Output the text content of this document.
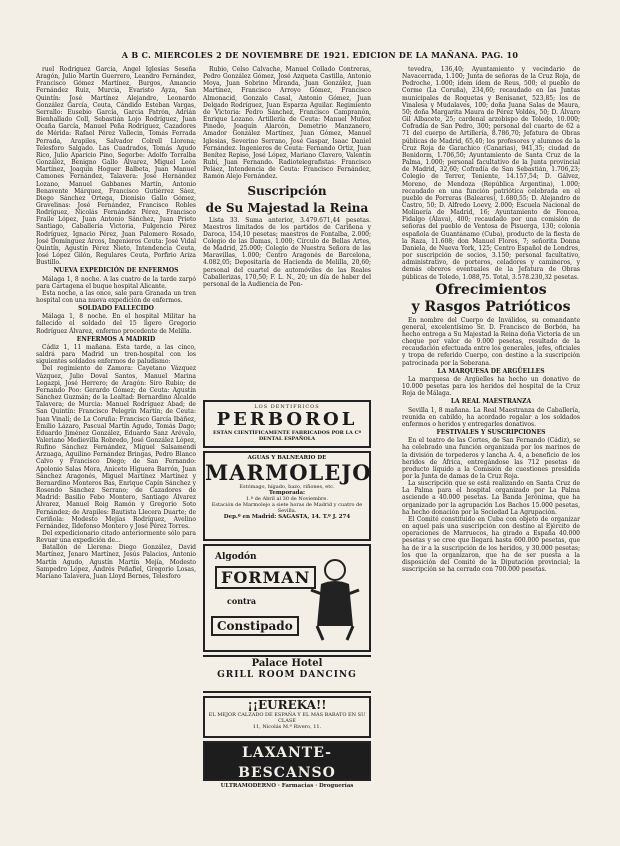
A B C. MIERCOLES 2 DE NOVIEMBRE DE 1921. EDICION DE LA MAÑANA. PAG. 10

ruel Rodríguez García, Angel Iglesias Seseña Aragón, Julio Martín Guerrero, Leandro Fernández, Francisco Gómez Martínez, Burgos, Amancio Fernández Ruiz, Murcia, Evaristo Ayza, San Quintín: José Martínez Alejandre, Leonardo González García, Ceuta, Cándido Esteban Vargas, Serrallo: Eusebio García, Garcia Patrón, Adrián Bienhallado Coll, Sebastián Lojo Rodríguez, Juan Ocaña García, Manuel Peña Rodríguez, Cazadores de Mérida: Rafael Pérez Vallecin, Tomás Ferrada Perrada, Arapiles, Salvador Colrell Llorena; Telesforo Salgado. Las Cuadrados, Tomás Agudo Rico, Julio Aparicio Pino, Segorbe: Adolfo Torralba González, Benigno Gallo Álvarez, Miguel León Martínez, Joaquín Hoguer Balbeta, Juan Manuel Camones Fernández, Talavera: José Hernández Lozano, Manuel Gabbanes Martín, Antonio Benavente Márquez, Francisco Gutiérrez Sáez, Diego Sánchez Ortega, Dionisio Gallo Gómez, Gravelinas: José Fernández, Francisco Robles Rodríguez, Nicolás Fernández Pérez, Francisco Fraile López, Juan Antonio Sánchez, Juan Prieto Santiago, Caballería Victoria, Fulgencio Pérez Rodríguez, Ignacio Pérez, Juan Palomero Rosado, José Domínguez Arcos, Ingenieros Ceuta: José Vidal Quintín, Agustín Pérez Nieto, Intendencia Ceuta, José López Gilón, Regulares Ceuta, Porfirio Ariza Bustillo.

NUEVA EXPEDICIÓN DE ENFERMOS

Málaga 1, 8 noche. A las cuatro de la tarde zarpó para Cartagena el buque hospital Alicante.

Esta noche, a las once, sale para Granada un tren hospital con una nueva expedición de enfermos.

SOLDADO FALLECIDO

Málaga 1, 8 noche. En el hospital Militar ha fallecido el soldado del 15 ligero Gregorio Rodríguez Álvarez, enfermo procedente de Melilla.

ENFERMOS A MADRID

Cádiz 1, 11 mañana. Esta tarde, a las cinco, saldrá para Madrid un tren-hospital con los siguientes soldados enfermos de paludismo:

Del regimiento de Zamora: Cayetano Vázquez Vázquez, Julio Doval Santos, Manuel Marina Legazpi, José Herrero; de Aragón: Siro Rubio; de Fernando Poo: Gerardo Gómez; de Ceuta: Agustín Sánchez Guzmán; de la Lealtad: Bernardino Alcalde Talavera; de Murcia: Manuel Rodríguez Abad; de San Quintín: Francisco Pelegrín Martín; de Ceuta: Juan Vinalí; de La Coruña: Francisco García Ibáñez, Emilio Lázaro, Pascual Martín Agudo, Tomás Dago; Eduardo Jiménez González, Eduardo Sanz Arévalo, Valeriano Medievilla Robredo, José González López, Rufino Sánchez Fernández, Miguel Salsamendi Arzuaga, Aquilino Fernández Bringas, Pedro Blanco Calvo y Francisco Diego; de San Fernando: Apolonio Salas Mora, Aniceto Higuera Barrón, Juan Sánchez Aragonés, Miguel Martínez Martínez y Bernardino Monteros Bas, Enrique Capín Sánchez y Rosendo Sánchez Serrano; de Cazadores de Madrid: Basilio Febo Montero, Santiago Álvarez Álvarez, Manuel Roig Ramón y Gregorio Soto Fernández; de Arapiles: Bautista Llecera Duarte; de Ceriñola: Modesto Mejías Rodríguez, Avelino Fernández, Ildefonso Montero y José Pérez Torres.

Del expedicionario citado anteriormente sólo para Revuar una expedición de...

Batallón de Llerena: Diego González, David Martínez, Jenaro Martínez, Jesús Palacios, Antonio Martín Agudo, Agustín Martín Mejía, Modesto Sampedro López, Andrés Peñafiel, Gregorio Losas, Mariano Talavera, Juan Lloyd Bernes, Telesforo

Rubio, Celso Calvache, Manuel Collado Contreras, Pedro González Gómez, José Azqueta Castilla, Antonio Moya, Juan Sobrino Miranda, Juan González, Juan Martínez, Francisco Arroyo Gómez, Francisco Almonacid, Gonzalo Casal, Antonio Gómez, Juan Delgado Rodríguez, Juan Esparza Aguilar. Regimiento de Victoria: Pedro Sánchez, Francisco Campranón, Enrique Lozano. Artillería de Ceuta: Manuel Muñoz Pinedo, Joaquín Alarcón, Demetrio Manzanero, Amador González Martínez, Juan Gómez, Manuel Iglesias, Severino Serrano, José Gaspar, Isaac Daniel Fernández. Ingenieros de Ceuta: Fernando Ortiz, Juan Benítez Repiso, José López, Mariano Clavero, Valentín Rubí, Juan Fernando. Radiotelegrafistas: Francisco Peláez, Intendencia de Ceuta: Francisco Fernández, Ramón Alejo Fernández.

Suscripción
de Su Majestad la Reina

Lista 33. Suma anterior, 3.479.671,44 pesetas. Maestros limitados de los partidos de Cariñena y Daroca, 154,10 pesetas; maestros de Fontalba, 2.000; Colegio de las Damas, 1.000; Círculo de Bellas Artes, de Madrid, 25.000; Colegio de Nuestra Señora de las Maravillas, 1.000; Centro Aragonés de Barcelona, 4.082,05; Depositaría de Hacienda de Melilla, 20,60; personal del cuartel de automóviles de las Reales Caballerizas, 170,50; F. L. N., 20; un día de haber del personal de la Audiencia de Pon-

LOS DENTIFRICOS
PERBOROL
ESTÁN CIENTÍFICAMENTE FABRICADOS POR LA Cª DENTAL ESPAÑOLA
AGUAS Y BALNEARIO DE
MARMOLEJO
Estómago, hígado, bazo, riñones, etc.
Temporada:
1.º de Abril al 30 de Noviembre.
Estación de Marmolejo a siete horas de Madrid y cuatro de Sevilla.
Dep.º en Madrid: SAGASTA, 14. T.º J. 274
Algodón
FORMAN
contra
Constipado
Palace Hotel
GRILL ROOM DANCING
¡¡EUREKA!!
EL MEJOR CALZADO DE ESPAÑA Y EL MÁS BARATO EN SU CLASE
11, Nicolás M.ª Rivero, 11.
LAXANTE-BESCANSO
ULTRAMODERNO · Farmacias · Droguerías

tevedra, 136,40; Ayuntamiento y vecindario de Navacerrada, 1.100; Junta de señoras de la Cruz Roja, de Pedroche, 1.000; ídem ídem de Reus, 500; el pueblo de Corme (La Coruña), 234,60; recaudado en las Juntas municipales de Roquetas y Benisanet, 523,85; los de Vinalesa y Mudalaves, 100; doña Juana Salas de Maura, 50; doña Margarita Maura de Pérez Voldés, 50; D. Álvaro Gil Albacete, 25; cardenal arzobispo de Toledo, 10.000; Cofradía de San Pedro, 300; personal del cuarto de 62 a 71 del cuerpo de Artillería, 8.786,70; Jefatura de Obras públicas de Madrid, 65,40; los profesores y alumnos de la Cruz Roja de Garachico (Canarias), 941,35; ciudad de Benidorm, 1.706,50; Ayuntamiento de Santa Cruz de la Palma, 1.000; personal facultativo de la Junta provincial de Madrid, 32,60; Cofradía de San Sebastián, 1.706,23; Colegio de Terrer, Teniente, 14.157,54; D. Gálvez, Moreno, de Mendoza (República Argentina), 1.000; recaudado en una función patriótica celebrada en el pueblo de Porreras (Baleares), 1.680,55; D. Alejandro de Castro, 50; D. Alfredo Loevy, 2.000; Escuela Nacional de Molinería de Madrid, 16; Ayuntamiento de Foncea, Fidalgo (Álava), 400; recaudado por una comisión de señoras del pueblo de Ventosa de Pisuerga, 130; colonia española de Guantánamo (Cuba), producto de la fiesta de la Raza, 11.608; don Manuel Flores, 7; señorita Donna Daniela, de Nueva York, 125; Centro Español de Londres, por suscripción de socios, 3.150; personal facultativo, administrativo, de porteros, celadores y camineros, y demás obreros eventuales de la Jefatura de Obras públicas de Toledo, 1.088,75. Total, 3.578.230,32 pesetas.

Ofrecimientos
y Rasgos Patrióticos

En nombre del Cuerpo de Inválidos, su comandante general, excelentísimo Sr. D. Francisco de Borbón, ha hecho entrega a Su Majestad la Reina doña Victoria de un cheque por valor de 9.000 pesetas, resultado de la recaudación efectuada entre los generales, jefes, oficiales y tropa de referido Cuerpo, con destino a la suscripción patrocinada por la Soberana.

LA MARQUESA DE ARGÜELLES

La marquesa de Argüelles ha hecho un donativo de 10.000 pesetas para los heridos del hospital de la Cruz Roja de Málaga.

LA REAL MAESTRANZA

Sevilla 1, 8 mañana. La Real Maestranza de Caballería, reunida en cabildo, ha acordado regalar a los soldados enfermos o heridos y entregarles donativos.

FESTIVALES Y SUSCRIPCIONES

En el teatro de las Cortes, de San Fernando (Cádiz), se ha celebrado una función organizada por los marinos de la división de torpederos y lancha A. 4, a beneficio de los heridos de África, entregándose las 712 pesetas de producto líquido a la Comisión de cuestiones presidida por la Junta de damas de la Cruz Roja.

La suscripción que se está realizando en Santa Cruz de La Palma para el hospital organizado por La Palma asciende a 40.000 pesetas. La Banda Jerónima, que ha organizado por la agrupación Los Bachos 15.000 pesetas, ha hecho donación por la Sociedad La Agrupación.

El Comité constituido en Cuba con objeto de organizar en aquel país una suscripción con destino al Ejército de operaciones de Marruecos, ha girado a España 40.000 pesetas y se cree que llegará hasta 600.000 pesetas, que ha de ir a la suscripción de los heridos, y 30.000 pesetas; los que la organizaron, que ha de ser puesta a la disposición del Comité de la Diputación provincial; la suscripción se ha cerrado con 700.000 pesetas.
